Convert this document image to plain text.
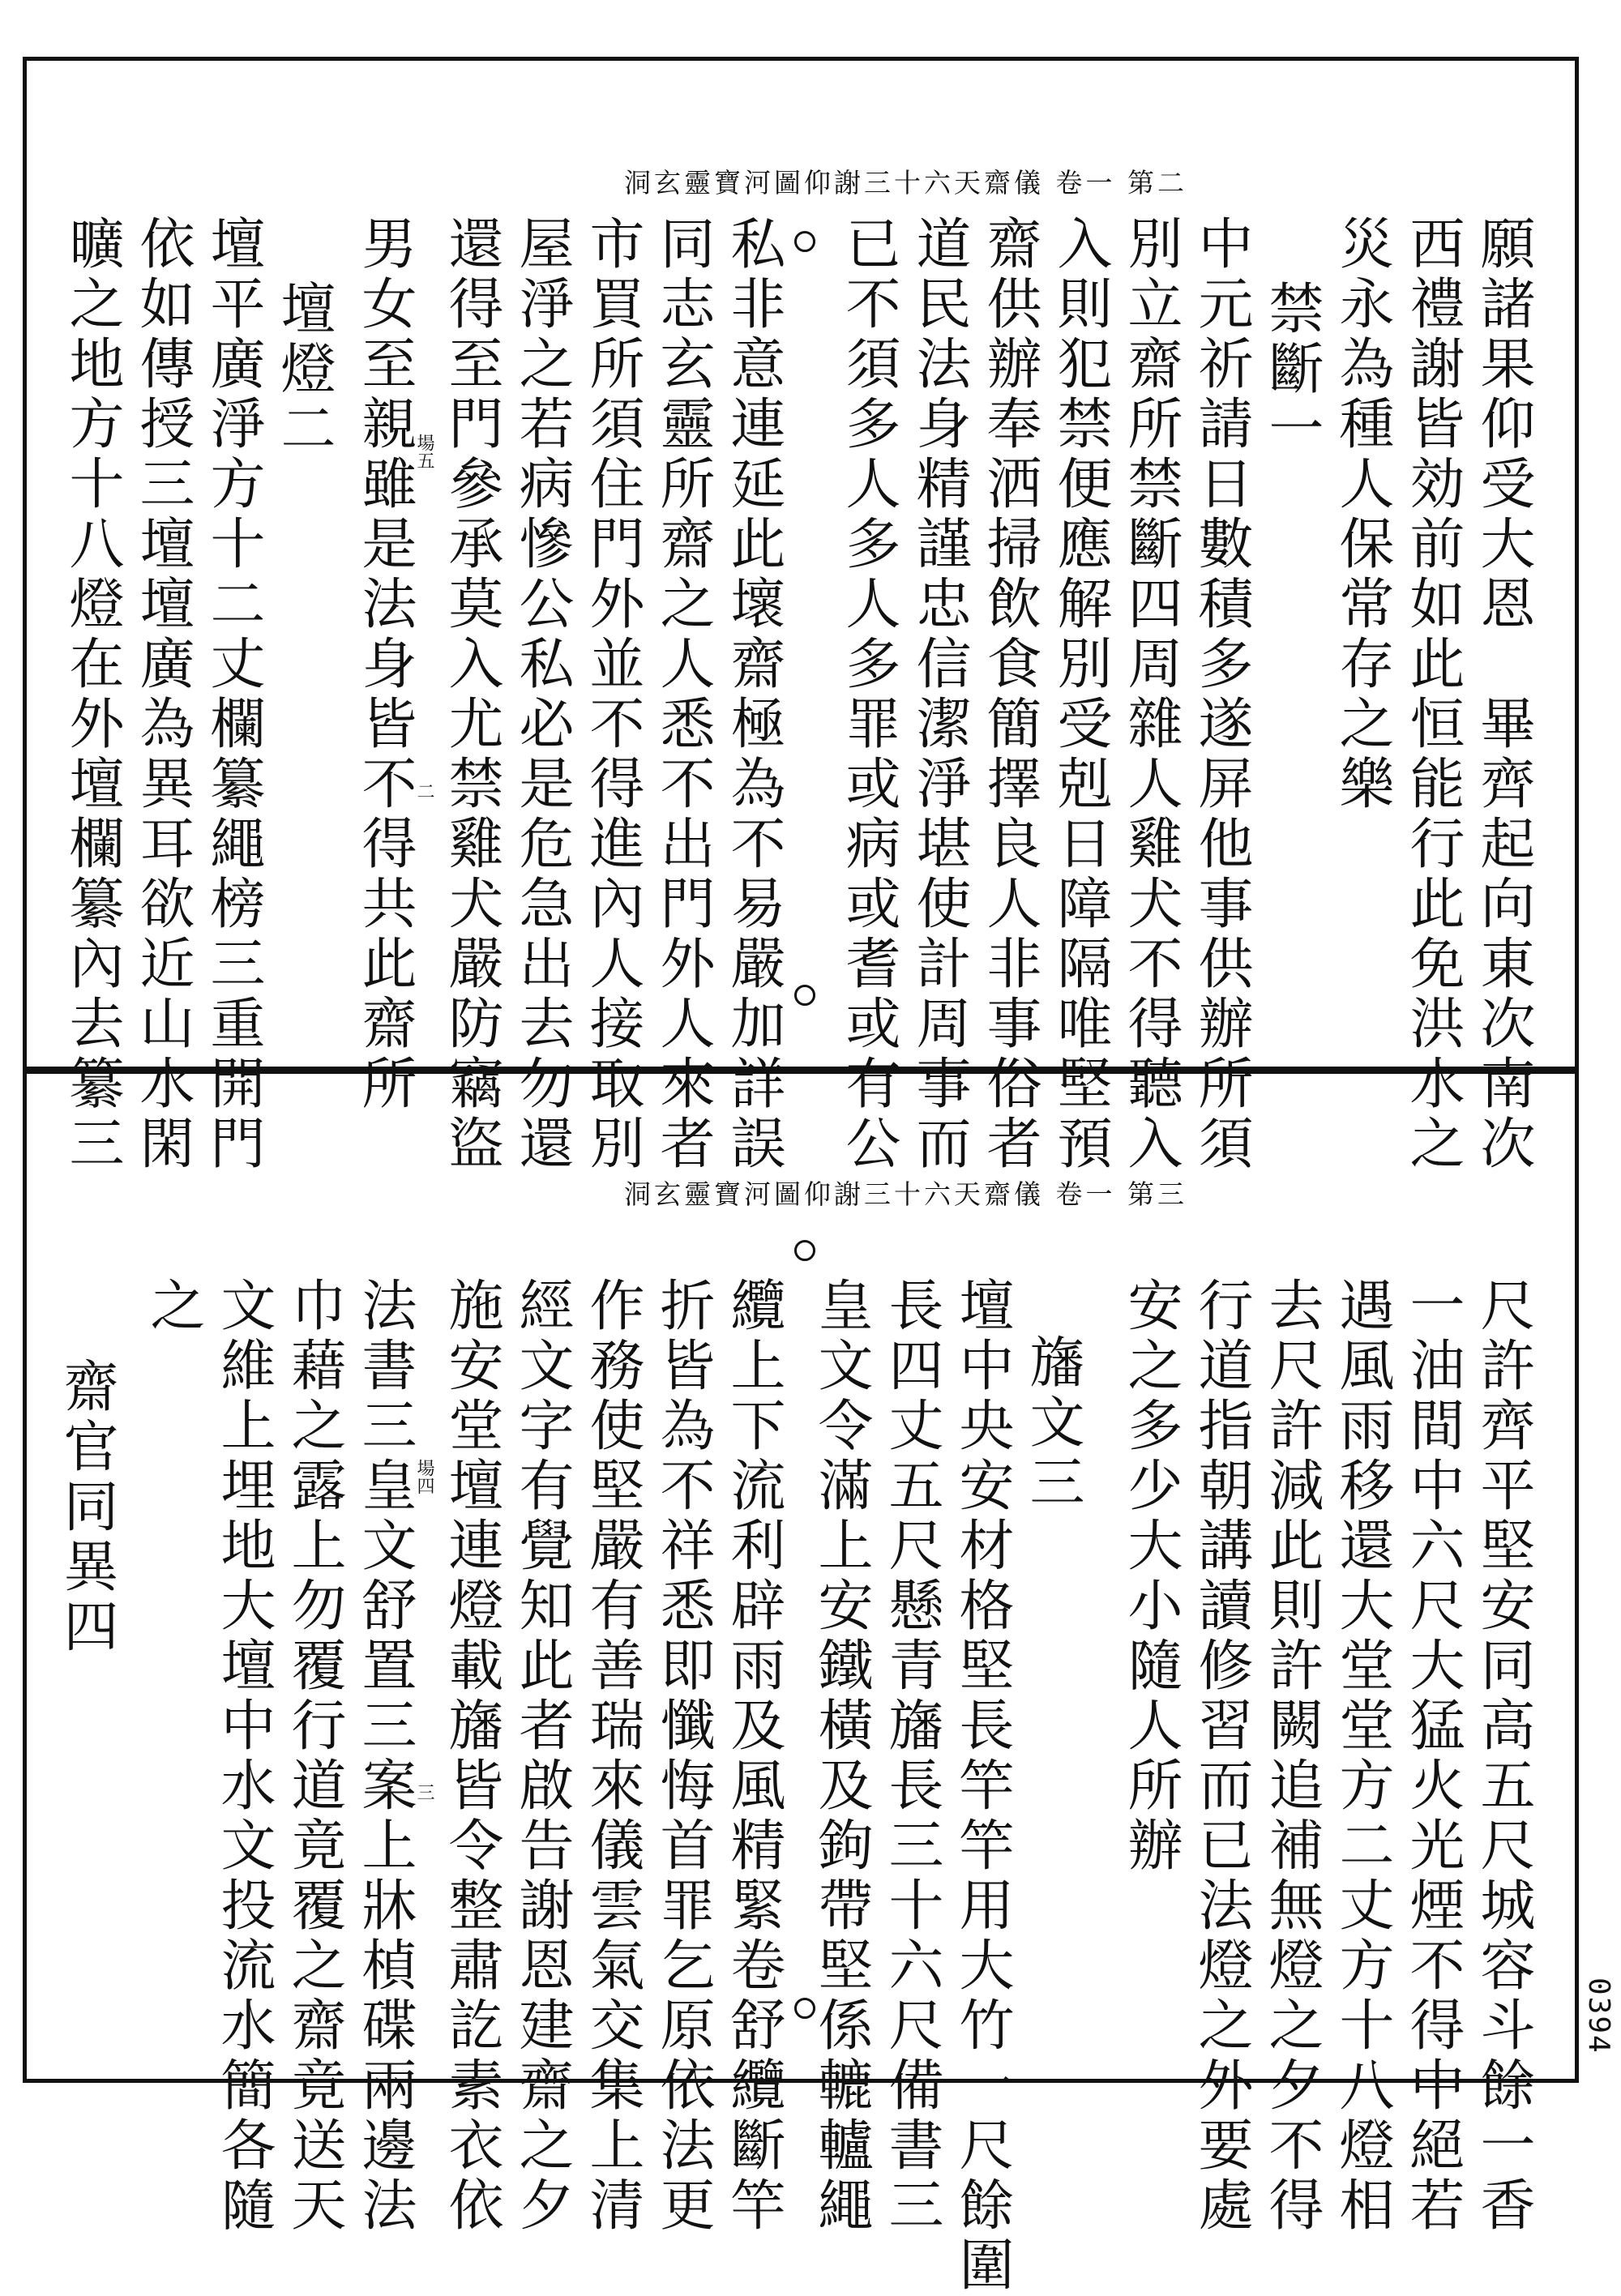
洞玄靈寶河圖仰謝三十六天齋儀 卷一 第二
洞玄靈寶河圖仰謝三十六天齋儀 卷一 第三
願諸果仰受大恩　畢齊起向東次南次
西禮謝皆効前如此恒能行此免洪水之
災永為種人保常存之樂
禁斷一
中元祈請日數積多遂屏他事供辦所須
別立齋所禁斷四周雜人雞犬不得聽入
入則犯禁便應解別受剋日障隔唯堅預
齋供辦奉洒掃飲食簡擇良人非事俗者
道民法身精謹忠信潔淨堪使計周事而
已不須多人多人多罪或病或耆或有公
私非意連延此壞齋極為不易嚴加詳誤
同志玄靈所齋之人悉不出門外人來者
市買所須住門外並不得進內人接取別
屋淨之若病慘公私必是危急出去勿還
還得至門參承莫入尤禁雞犬嚴防竊盜
男女至親雖是法身皆不得共此齋所
壇燈二
壇平廣淨方十二丈欄纂繩榜三重開門
依如傳授三壇壇廣為異耳欲近山水閑
曠之地方十八燈在外壇欄纂內去纂三	場五
二
尺許齊平堅安同高五尺城容斗餘一香
一油間中六尺大猛火光煙不得中絕若
遇風雨移還大堂堂方二丈方十八燈相
去尺許減此則許闕追補無燈之夕不得
行道指朝講讀修習而已法燈之外要處
安之多少大小隨人所辦
旛文三
壇中央安材格堅長竿竿用大竹一尺餘圍
長四丈五尺懸青旛長三十六尺備書三
皇文令滿上安鐵橫及鉤帶堅係轆轤繩
纜上下流利辟雨及風精緊卷舒纜斷竿
折皆為不祥悉即懺悔首罪乞原依法更
作務使堅嚴有善瑞來儀雲氣交集上清
經文字有覺知此者啟告謝恩建齋之夕
施安堂壇連燈載旛皆令整肅訖素衣依
法書三皇文舒置三案上牀楨碟兩邊法
巾藉之露上勿覆行道竟覆之齋竟送天
文維上埋地大壇中水文投流水簡各隨
之
齋官同異四	場四
三
0394
